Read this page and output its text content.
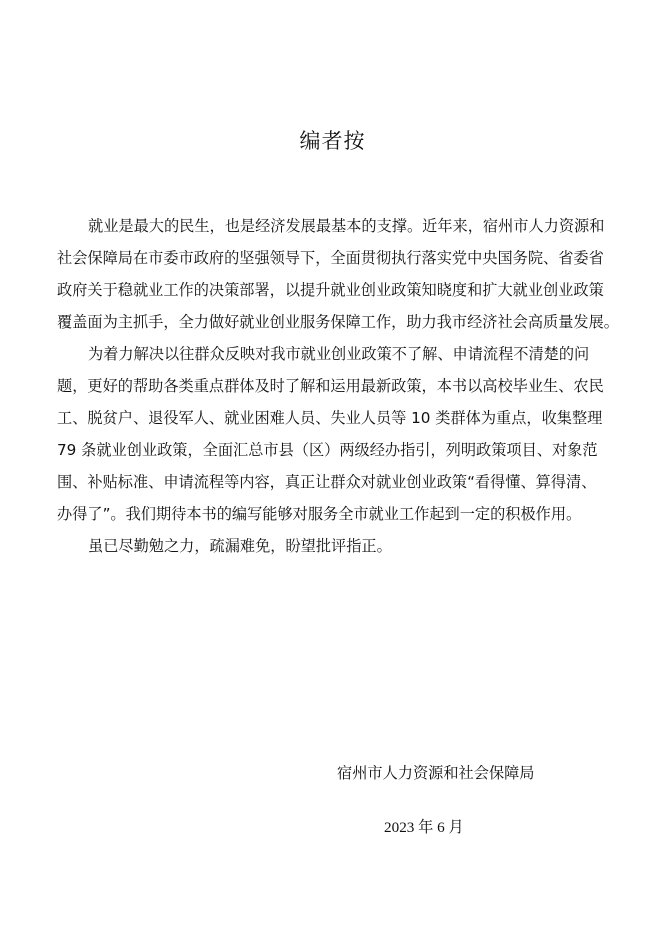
编者按

就业是最大的民生，也是经济发展最基本的支撑。近年来，宿州市人力资源和
社会保障局在市委市政府的坚强领导下，全面贯彻执行落实党中央国务院、省委省
政府关于稳就业工作的决策部署，以提升就业创业政策知晓度和扩大就业创业政策
覆盖面为主抓手，全力做好就业创业服务保障工作，助力我市经济社会高质量发展。

为着力解决以往群众反映对我市就业创业政策不了解、申请流程不清楚的问
题，更好的帮助各类重点群体及时了解和运用最新政策，本书以高校毕业生、农民
工、脱贫户、退役军人、就业困难人员、失业人员等 10 类群体为重点，收集整理
79 条就业创业政策，全面汇总市县（区）两级经办指引，列明政策项目、对象范
围、补贴标准、申请流程等内容，真正让群众对就业创业政策“看得懂、算得清、
办得了”。我们期待本书的编写能够对服务全市就业工作起到一定的积极作用。

虽已尽勤勉之力，疏漏难免，盼望批评指正。

宿州市人力资源和社会保障局
2023 年 6 月
